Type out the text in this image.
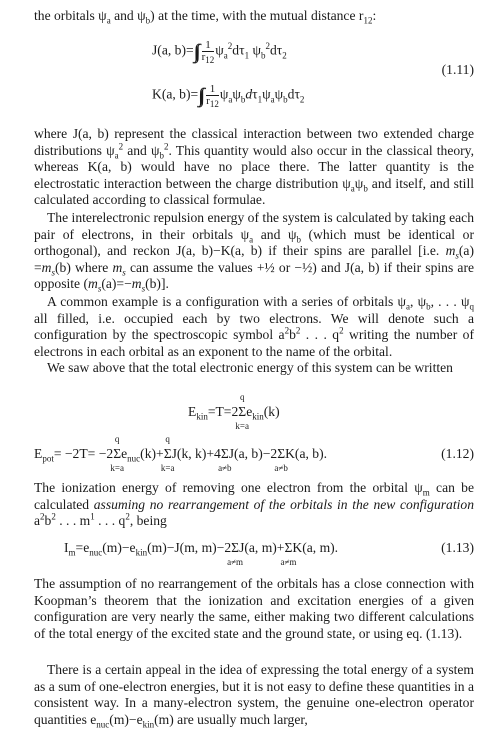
the orbitals $\psi_a$ and $\psi_b$) at the time, with the mutual distance $r_{12}$:
J(a, $b)=\int\int \frac{1}{r_{12}} \psi_a^2d\tau_1$ $\psi_b^2d\tau_2$
(1.11)
K(a, $b)=\int\int \frac{1}{r_{12}} \psi_a\psi_bd\tau_1\psi_a\psi_bd\tau_2$
where J(a, b) represent the classical interaction between two extended charge distributions $\psi_a^2$ and $\psi_b^2$. This quantity would also occur in the classical theory, whereas K(a, b) would have no place there. The latter quantity is the electrostatic interaction between the charge distribution $\psi_a\psi_b$ and itself, and still calculated according to classical formulae.
The interelectronic repulsion energy of the system is calculated by taking each pair of electrons, in their orbitals $\psi_a$ and $\psi_b$ (which must be identical or orthogonal), and reckon J(a, b)−K(a, b) if their spins are parallel [i.e. $m_s(a) =m_s(b)$ where $m_s$ can assume the values +½ or −½) and J(a, b) if their spins are opposite $(m_s(a)=-m_s(b)]$.
A common example is a configuration with a series of orbitals $\psi_a$, $\psi_b$, . . . $\psi_q$ all filled, i.e. occupied each by two electrons. We will denote such a configuration by the spectroscopic symbol $a^2b^2$ . . . $q^2$ writing the number of electrons in each orbital as an exponent to the name of the orbital.
We saw above that the total electronic energy of this system can be written
$E_{kin}=T=2\Sigma$
q
k=a
$e_{kin}(k)$
$E_{pot}= -2T= -2\Sigma$
q
k=a
$e_{nuc}(k)+\Sigma$
q
k=a
J(k, k)+4Σ
a≠b
J(a, b)−2Σ
a≠b
K(a, b).	(1.12)
The ionization energy of removing one electron from the orbital $\psi_m$ can be calculated assuming no rearrangement of the orbitals in the new configuration $a^2b^2$ . . . $m^1$ . . . $q^2$, being
$I_m=e_{nuc}(m)-e_{kin}(m)-J(m$, m)−2Σ
a≠m
J(a, m)+Σ
a≠m
K(a, m).	(1.13)
The assumption of no rearrangement of the orbitals has a close connection with Koopman’s theorem that the ionization and excitation energies of a given configuration are very nearly the same, either making two different calculations of the total energy of the excited state and the ground state, or using eq. (1.13).
There is a certain appeal in the idea of expressing the total energy of a system as a sum of one-electron energies, but it is not easy to define these quantities in a consistent way. In a many-electron system, the genuine one-electron operator quantities $e_{nuc}(m)-e_{kin}(m)$ are usually much larger,
